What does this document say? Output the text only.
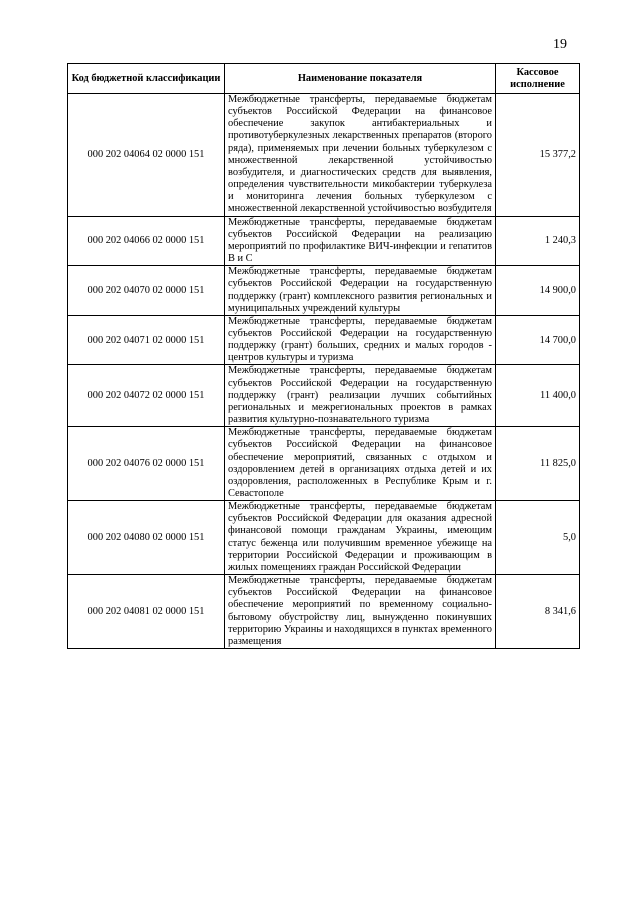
19
Код бюджетной классификации	Наименование показателя	Кассовое исполнение
000 202 04064 02 0000 151	Межбюджетные трансферты, передаваемые бюджетам субъектов Российской Федерации на финансовое обеспечение закупок антибактериальных и противотуберкулезных лекарственных препаратов (второго ряда), применяемых при лечении больных туберкулезом с множественной лекарственной устойчивостью возбудителя, и диагностических средств для выявления, определения чувствительности микобактерии туберкулеза и мониторинга лечения больных туберкулезом с множественной лекарственной устойчивостью возбудителя	15 377,2
000 202 04066 02 0000 151	Межбюджетные трансферты, передаваемые бюджетам субъектов Российской Федерации на реализацию мероприятий по профилактике ВИЧ-инфекции и гепатитов В и С	1 240,3
000 202 04070 02 0000 151	Межбюджетные трансферты, передаваемые бюджетам субъектов Российской Федерации на государственную поддержку (грант) комплексного развития региональных и муниципальных учреждений культуры	14 900,0
000 202 04071 02 0000 151	Межбюджетные трансферты, передаваемые бюджетам субъектов Российской Федерации на государственную поддержку (грант) больших, средних и малых городов - центров культуры и туризма	14 700,0
000 202 04072 02 0000 151	Межбюджетные трансферты, передаваемые бюджетам субъектов Российской Федерации на государственную поддержку (грант) реализации лучших событийных региональных и межрегиональных проектов в рамках развития культурно-познавательного туризма	11 400,0
000 202 04076 02 0000 151	Межбюджетные трансферты, передаваемые бюджетам субъектов Российской Федерации на финансовое обеспечение мероприятий, связанных с отдыхом и оздоровлением детей в организациях отдыха детей и их оздоровления, расположенных в Республике Крым и г. Севастополе	11 825,0
000 202 04080 02 0000 151	Межбюджетные трансферты, передаваемые бюджетам субъектов Российской Федерации для оказания адресной финансовой помощи гражданам Украины, имеющим статус беженца или получившим временное убежище на территории Российской Федерации и проживающим в жилых помещениях граждан Российской Федерации	5,0
000 202 04081 02 0000 151	Межбюджетные трансферты, передаваемые бюджетам субъектов Российской Федерации на финансовое обеспечение мероприятий по временному социально-бытовому обустройству лиц, вынужденно покинувших территорию Украины и находящихся в пунктах временного размещения	8 341,6
